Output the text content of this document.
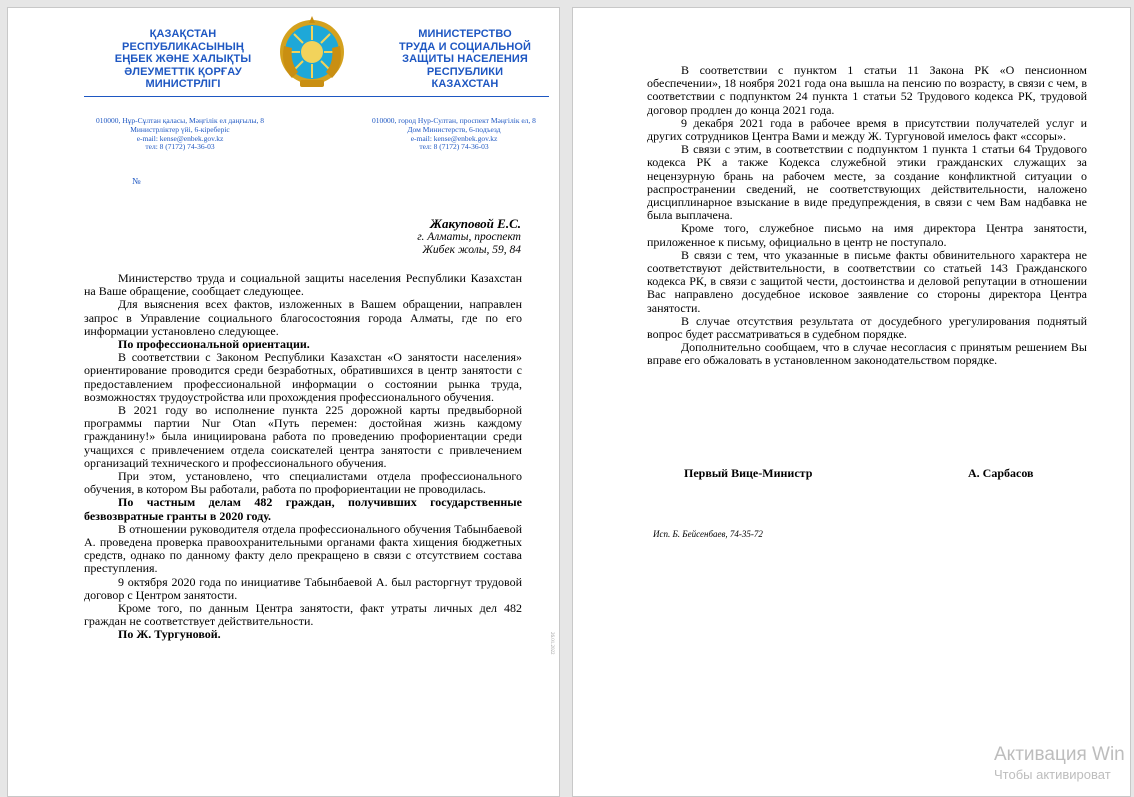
ҚАЗАҚСТАН
РЕСПУБЛИКАСЫНЫҢ
ЕҢБЕК ЖӘНЕ ХАЛЫҚТЫ
ӘЛЕУМЕТТІК ҚОРҒАУ
МИНИСТРЛІГІ
МИНИСТЕРСТВО
ТРУДА И СОЦИАЛЬНОЙ
ЗАЩИТЫ НАСЕЛЕНИЯ
РЕСПУБЛИКИ
КАЗАХСТАН
010000, Нұр-Сұлтан қаласы, Мәңгілік ел даңғылы, 8
Министрліктер үйі, 6-кіреберіс
e-mail: kense@enbek.gov.kz
тел: 8 (7172) 74-36-03
010000, город Нур-Султан, проспект Мәңгілік ел, 8
Дом Министерств, 6-подъезд
e-mail: kense@enbek.gov.kz
тел: 8 (7172) 74-36-03
№
26.01.2022
Жакуповой Е.С.
г. Алматы, проспект
Жибек жолы, 59, 84

Министерство труда и социальной защиты населения Республики Казахстан на Ваше обращение, сообщает следующее.

Для выяснения всех фактов, изложенных в Вашем обращении, направлен запрос в Управление социального благосостояния города Алматы, где по его информации установлено следующее.

По профессиональной ориентации.

В соответствии с Законом Республики Казахстан «О занятости населения» ориентирование проводится среди безработных, обратившихся в центр занятости с предоставлением профессиональной информации о состоянии рынка труда, возможностях трудоустройства или прохождения профессионального обучения.

В 2021 году во исполнение пункта 225 дорожной карты предвыборной программы партии Nur Otan «Путь перемен: достойная жизнь каждому гражданину!» была инициирована работа по проведению профориентации среди учащихся с привлечением отдела соискателей центра занятости с привлечением организаций технического и профессионального обучения.

При этом, установлено, что специалистами отдела профессионального обучения, в котором Вы работали, работа по профориентации не проводилась.

По частным делам 482 граждан, получивших государственные безвозвратные гранты в 2020 году.

В отношении руководителя отдела профессионального обучения Табынбаевой А. проведена проверка правоохранительными органами факта хищения бюджетных средств, однако по данному факту дело прекращено в связи с отсутствием состава преступления.

9 октября 2020 года по инициативе Табынбаевой А. был расторгнут трудовой договор с Центром занятости.

Кроме того, по данным Центра занятости, факт утраты личных дел 482 граждан не соответствует действительности.

По Ж. Тургуновой.

В соответствии с пунктом 1 статьи 11 Закона РК «О пенсионном обеспечении», 18 ноября 2021 года она вышла на пенсию по возрасту, в связи с чем, в соответствии с подпунктом 24 пункта 1 статьи 52 Трудового кодекса РК, трудовой договор продлен до конца 2021 года.

9 декабря 2021 года в рабочее время в присутствии получателей услуг и других сотрудников Центра Вами и между Ж. Тургуновой имелось факт «ссоры».

В связи с этим, в соответствии с подпунктом 1 пункта 1 статьи 64 Трудового кодекса РК а также Кодекса служебной этики гражданских служащих за нецензурную брань на рабочем месте, за создание конфликтной ситуации о распространении сведений, не соответствующих действительности, наложено дисциплинарное взыскание в виде предупреждения, в связи с чем Вам надбавка не была выплачена.

Кроме того, служебное письмо на имя директора Центра занятости, приложенное к письму, официально в центр не поступало.

В связи с тем, что указанные в письме факты обвинительного характера не соответствуют действительности, в соответствии со статьей 143 Гражданского кодекса РК, в связи с защитой чести, достоинства и деловой репутации в отношении Вас направлено досудебное исковое заявление со стороны директора Центра занятости.

В случае отсутствия результата от досудебного урегулирования поднятый вопрос будет рассматриваться в судебном порядке.

Дополнительно сообщаем, что в случае несогласия с принятым решением Вы вправе его обжаловать в установленном законодательством порядке.

Первый Вице-Министр	А. Сарбасов
Исп. Б. Бейсенбаев, 74-35-72
Активация Win
Чтобы активироват
